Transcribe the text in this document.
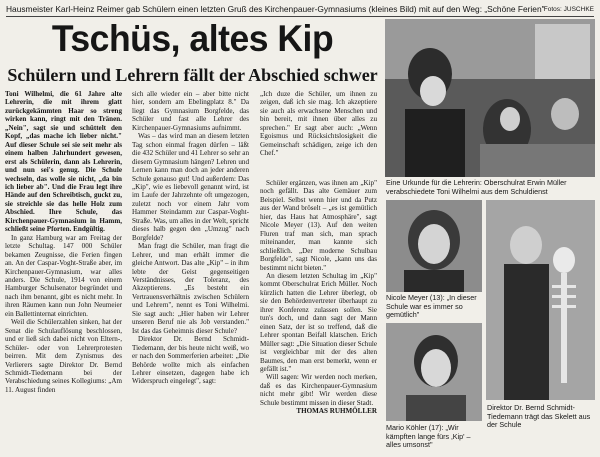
Hausmeister Karl-Heinz Reimer gab Schülern einen letzten Gruß des Kirchenpauer-Gymnasiums (kleines Bild) mit auf den Weg: „Schöne Ferien" Fotos: JUSCHKE
Tschüs, altes Kip
Schülern und Lehrern fällt der Abschied schwer

Toni Wilhelmi, die 61 Jahre alte Lehrerin, die mit ihrem glatt zurückgekämmten Haar so streng wirken kann, ringt mit den Tränen. „Nein", sagt sie und schüttelt den Kopf, „das mache ich lieber nicht." Auf dieser Schule sei sie seit mehr als einem halben Jahrhundert gewesen, erst als Schülerin, dann als Lehrerin, und nun sei's genug. Die Schule wechseln, das wolle sie nicht, „da bin ich lieber ab". Und die Frau legt ihre Hände auf den Schreibtisch, guckt zu, sie streichle sie das helle Holz zum Abschied. Ihre Schule, das Kirchenpauer-Gymnasium in Hamm, schließt seine Pforten. Endgültig.

In ganz Hamburg war am Freitag der letzte Schultag. 147 000 Schüler bekamen Zeugnisse, die Ferien fingen an. An der Caspar-Voght-Straße aber, im Kirchenpauer-Gymnasium, war alles anders. Die Schule, 1914 von einem Hamburger Schulsenator begründet und nach ihm benannt, gibt es nicht mehr. In ihren Räumen kann nun John Neumeier ein Ballettinternat einrichten.

Weil die Schülerzahlen sinken, hat der Senat die Schulauflösung beschlossen, und er ließ sich dabei nicht von Eltern-, Schüler- oder von Lehrerprotesten beirren. Mit dem Zynismus des Verlierers sagte Direktor Dr. Bernd Schmidt-Tiedemann bei der Verabschiedung seines Kollegiums: „Am 11. August finden

sich alle wieder ein – aber bitte nicht hier, sondern am Ebelingplatz 8." Da liegt das Gymnasium Borgfelde, das Schüler und fast alle Lehrer des Kirchenpauer-Gymnasiums aufnimmt.

Was – das wird man an diesem letzten Tag schon einmal fragen dürfen – läßt die 432 Schüler und 41 Lehrer so sehr an diesem Gymnasium hängen? Lehren und Lernen kann man doch an jeder anderen Schule genauso gut! Und außerdem: Das „Kip", wie es liebevoll genannt wird, ist im Laufe der Jahrzehnte oft umgezogen, zuletzt noch vor einem Jahr vom Hammer Steindamm zur Caspar-Voght-Straße. Was, um alles in der Welt, spricht dieses halb gegen den „Umzug" nach Borgfelde?

Man fragt die Schüler, man fragt die Lehrer, und man erhält immer die gleiche Antwort. Das alte „Kip" – in ihm lebte der Geist gegenseitigen Verständnisses, der Toleranz, des Akzeptierens. „Es besteht ein Vertrauensverhältnis zwischen Schülern und Lehrern", nennt es Toni Wilhelmi. Sie sagt auch: „Hier haben wir Lehrer unseren Beruf nie als Job verstanden." Ist das das Geheimnis dieser Schule?

Direktor Dr. Bernd Schmidt-Tiedemann, der bis heute nicht weiß, wo er nach den Sommerferien arbeitet: „Die Behörde wollte mich als einfachen Lehrer einsetzen, dagegen habe ich Widerspruch eingelegt", sagt:

„Ich duze die Schüler, um ihnen zu zeigen, daß ich sie mag. Ich akzeptiere sie auch als erwachsene Menschen und bin bereit, mit ihnen über alles zu sprechen." Er sagt aber auch: „Wenn Egoismus und Rücksichtslosigkeit die Gemeinschaft schädigen, zeige ich den Chef."

Schüler ergänzen, was ihnen am „Kip" noch gefällt. Das alte Gemäuer zum Beispiel. Selbst wenn hier und da Putz aus der Wand bröselt – „es ist gemütlich hier, das Haus hat Atmosphäre", sagt Nicole Meyer (13). Auf den weiten Fluren traf man sich, man sprach miteinander, man kannte sich schließlich. „Der moderne Schulbau Borgfelde", sagt Nicole, „kann uns das bestimmt nicht bieten."

An diesem letzten Schultag im „Kip" kommt Oberschulrat Erich Müller. Noch kürzlich hatten die Lehrer überlegt, ob sie den Behördenvertreter überhaupt zu ihrer Konferenz zulassen sollen. Sie tun's doch, und dann sagt der Mann einen Satz, der ist so treffend, daß die Lehrer spontan Beifall klatschen. Erich Müller sagt: „Die Situation dieser Schule ist vergleichbar mit der des alten Baumes, den man erst bemerkt, wenn er gefällt ist."

Will sagen: Wir werden noch merken, daß es das Kirchenpauer-Gymnasium nicht mehr gibt! Wir werden diese Schule bestimmt missen in dieser Stadt.

THOMAS RUHMÖLLER

Eine Urkunde für die Lehrerin: Oberschulrat Erwin Müller verabschiedete Toni Wilhelmi aus dem Schuldienst
Nicole Meyer (13): „In dieser Schule war es immer so gemütlich"
Mario Köhler (17): „Wir kämpften lange fürs ‚Kip' – alles umsonst"
Direktor Dr. Bernd Schmidt-Tiedemann trägt das Skelett aus der Schule
